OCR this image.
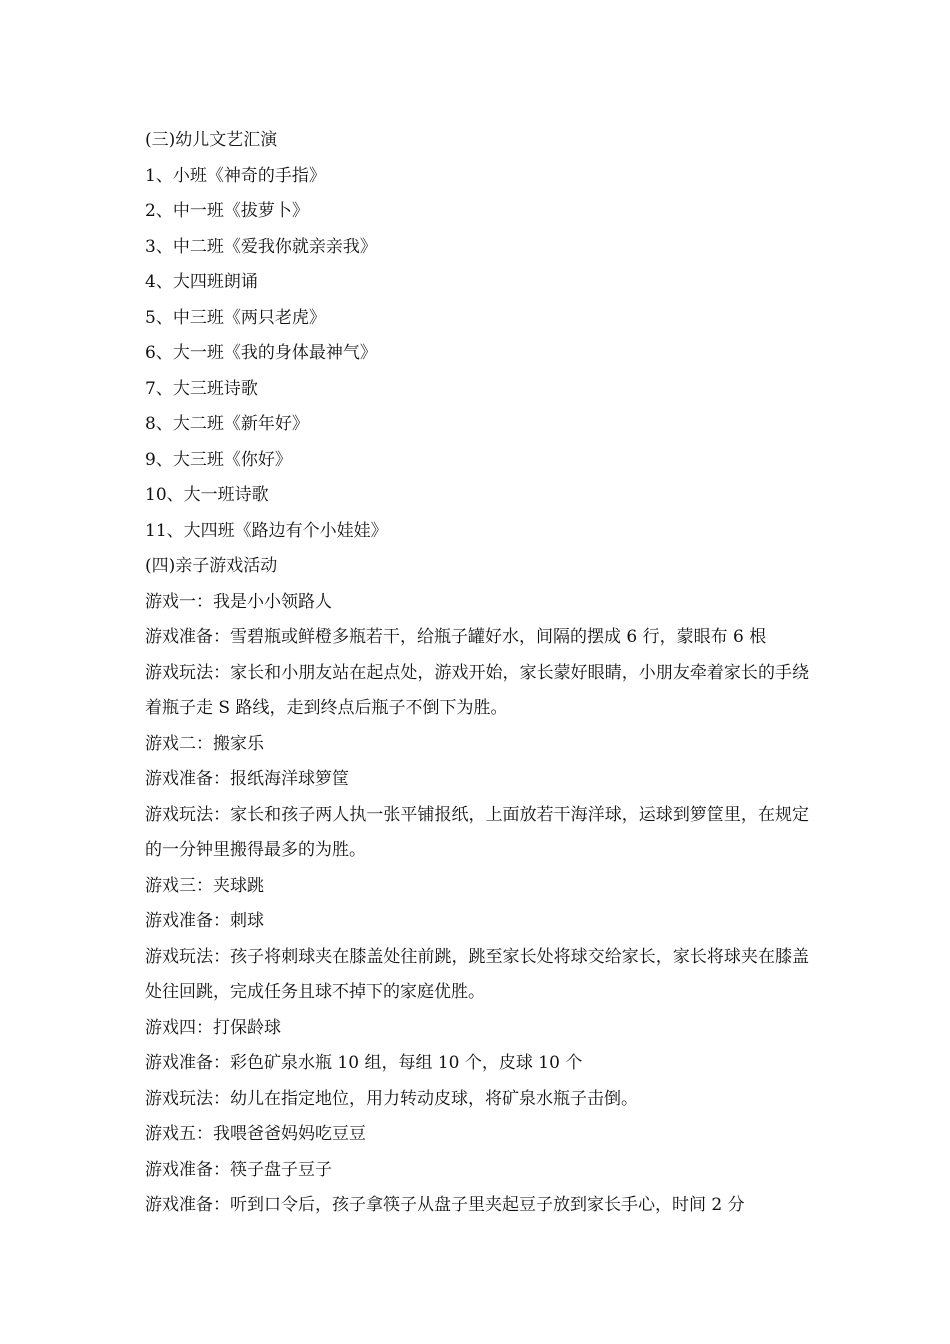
(三)幼儿文艺汇演
1、小班《神奇的手指》
2、中一班《拔萝卜》
3、中二班《爱我你就亲亲我》
4、大四班朗诵
5、中三班《两只老虎》
6、大一班《我的身体最神气》
7、大三班诗歌
8、大二班《新年好》
9、大三班《你好》
10、大一班诗歌
11、大四班《路边有个小娃娃》
(四)亲子游戏活动
游戏一：我是小小领路人
游戏准备：雪碧瓶或鲜橙多瓶若干，给瓶子罐好水，间隔的摆成 6 行，蒙眼布 6 根
游戏玩法：家长和小朋友站在起点处，游戏开始，家长蒙好眼睛，小朋友牵着家长的手绕着瓶子走 S 路线，走到终点后瓶子不倒下为胜。
游戏二：搬家乐
游戏准备：报纸海洋球箩筐
游戏玩法：家长和孩子两人执一张平铺报纸，上面放若干海洋球，运球到箩筐里，在规定的一分钟里搬得最多的为胜。
游戏三：夹球跳
游戏准备：刺球
游戏玩法：孩子将刺球夹在膝盖处往前跳，跳至家长处将球交给家长，家长将球夹在膝盖处往回跳，完成任务且球不掉下的家庭优胜。
游戏四：打保龄球
游戏准备：彩色矿泉水瓶 10 组，每组 10 个，皮球 10 个
游戏玩法：幼儿在指定地位，用力转动皮球，将矿泉水瓶子击倒。
游戏五：我喂爸爸妈妈吃豆豆
游戏准备：筷子盘子豆子
游戏准备：听到口令后，孩子拿筷子从盘子里夹起豆子放到家长手心，时间 2 分
